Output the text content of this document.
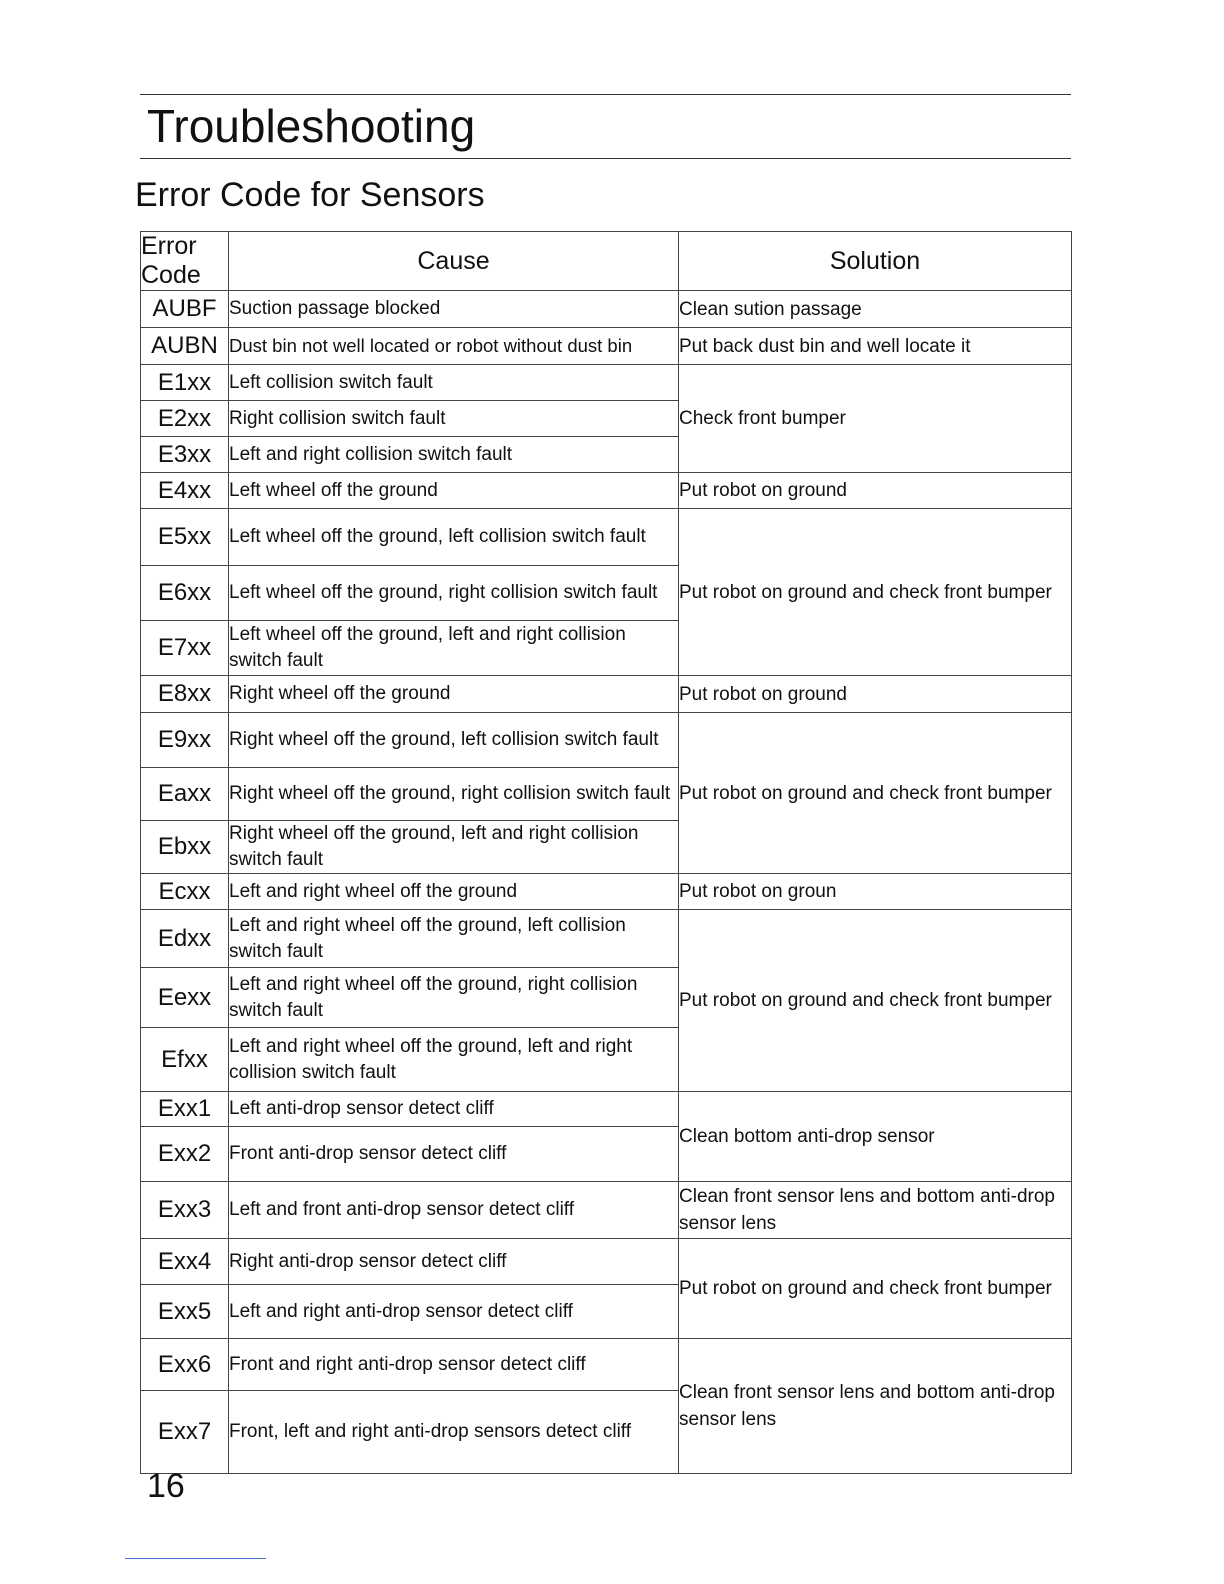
Troubleshooting
Error Code for Sensors
Error Code	Cause	Solution
AUBF	Suction passage blocked	Clean sution passage
AUBN	Dust bin not well located or robot without dust bin	Put back dust bin and well locate it
E1xx	Left collision switch fault	Check front bumper
E2xx	Right collision switch fault	
E3xx	Left and right collision switch fault	
E4xx	Left wheel off the ground	Put robot on ground
E5xx	Left wheel off the ground, left collision switch fault	Put robot on ground and check front bumper
E6xx	Left wheel off the ground, right collision switch fault	
E7xx	Left wheel off the ground, left and right collision switch fault	
E8xx	Right wheel off the ground	Put robot on ground
E9xx	Right wheel off the ground, left collision switch fault	Put robot on ground and check front bumper
Eaxx	Right wheel off the ground, right collision switch fault	
Ebxx	Right wheel off the ground, left and right collision switch fault	
Ecxx	Left and right wheel off the ground	Put robot on groun
Edxx	Left and right wheel off the ground, left collision switch fault	Put robot on ground and check front bumper
Eexx	Left and right wheel off the ground, right collision switch fault	
Efxx	Left and right wheel off the ground, left and right collision switch fault	
Exx1	Left anti-drop sensor detect cliff	Clean bottom anti-drop sensor
Exx2	Front anti-drop sensor detect cliff	
Exx3	Left and front anti-drop sensor detect cliff	Clean front sensor lens and bottom anti-drop sensor lens
Exx4	Right anti-drop sensor detect cliff	Put robot on ground and check front bumper
Exx5	Left and right anti-drop sensor detect cliff	
Exx6	Front and right anti-drop sensor detect cliff	Clean front sensor lens and bottom anti-drop sensor lens
Exx7	Front, left and right anti-drop sensors detect cliff	
16
